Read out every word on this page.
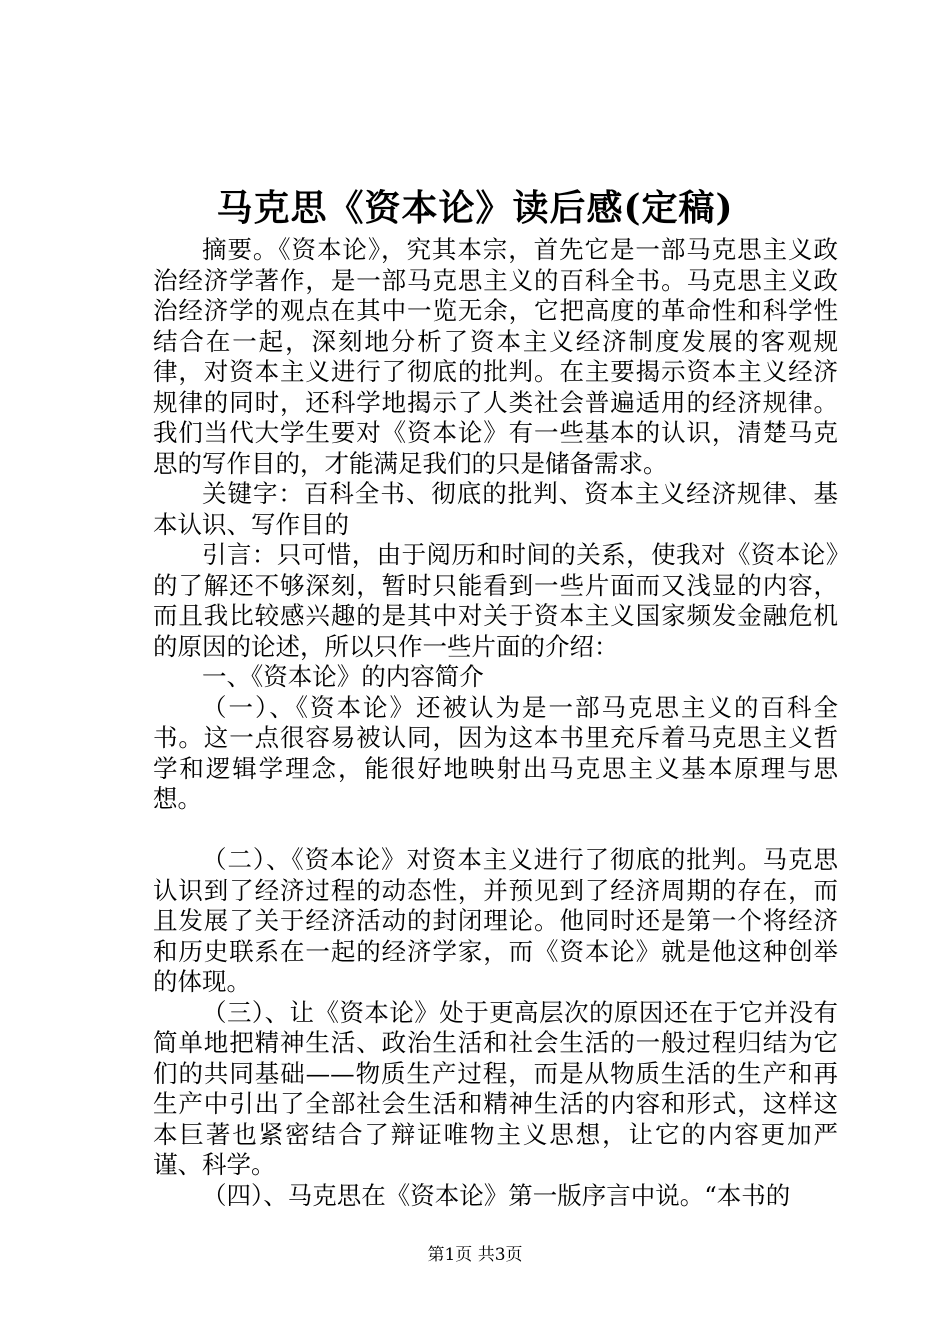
马克思《资本论》读后感(定稿)

摘要。《资本论》，究其本宗，首先它是一部马克思主义政治经济学著作，是一部马克思主义的百科全书。马克思主义政治经济学的观点在其中一览无余，它把高度的革命性和科学性结合在一起，深刻地分析了资本主义经济制度发展的客观规律，对资本主义进行了彻底的批判。在主要揭示资本主义经济规律的同时，还科学地揭示了人类社会普遍适用的经济规律。我们当代大学生要对《资本论》有一些基本的认识，清楚马克思的写作目的，才能满足我们的只是储备需求。

关键字：百科全书、彻底的批判、资本主义经济规律、基本认识、写作目的

引言：只可惜，由于阅历和时间的关系，使我对《资本论》的了解还不够深刻，暂时只能看到一些片面而又浅显的内容，而且我比较感兴趣的是其中对关于资本主义国家频发金融危机的原因的论述，所以只作一些片面的介绍：

一、《资本论》的内容简介

（一）、《资本论》还被认为是一部马克思主义的百科全书。这一点很容易被认同，因为这本书里充斥着马克思主义哲学和逻辑学理念，能很好地映射出马克思主义基本原理与思想。

（二）、《资本论》对资本主义进行了彻底的批判。马克思认识到了经济过程的动态性，并预见到了经济周期的存在，而且发展了关于经济活动的封闭理论。他同时还是第一个将经济和历史联系在一起的经济学家，而《资本论》就是他这种创举的体现。

（三）、让《资本论》处于更高层次的原因还在于它并没有简单地把精神生活、政治生活和社会生活的一般过程归结为它们的共同基础——物质生产过程，而是从物质生活的生产和再生产中引出了全部社会生活和精神生活的内容和形式，这样这本巨著也紧密结合了辩证唯物主义思想，让它的内容更加严谨、科学。

（四）、马克思在《资本论》第一版序言中说。“本书的

第1页 共3页
